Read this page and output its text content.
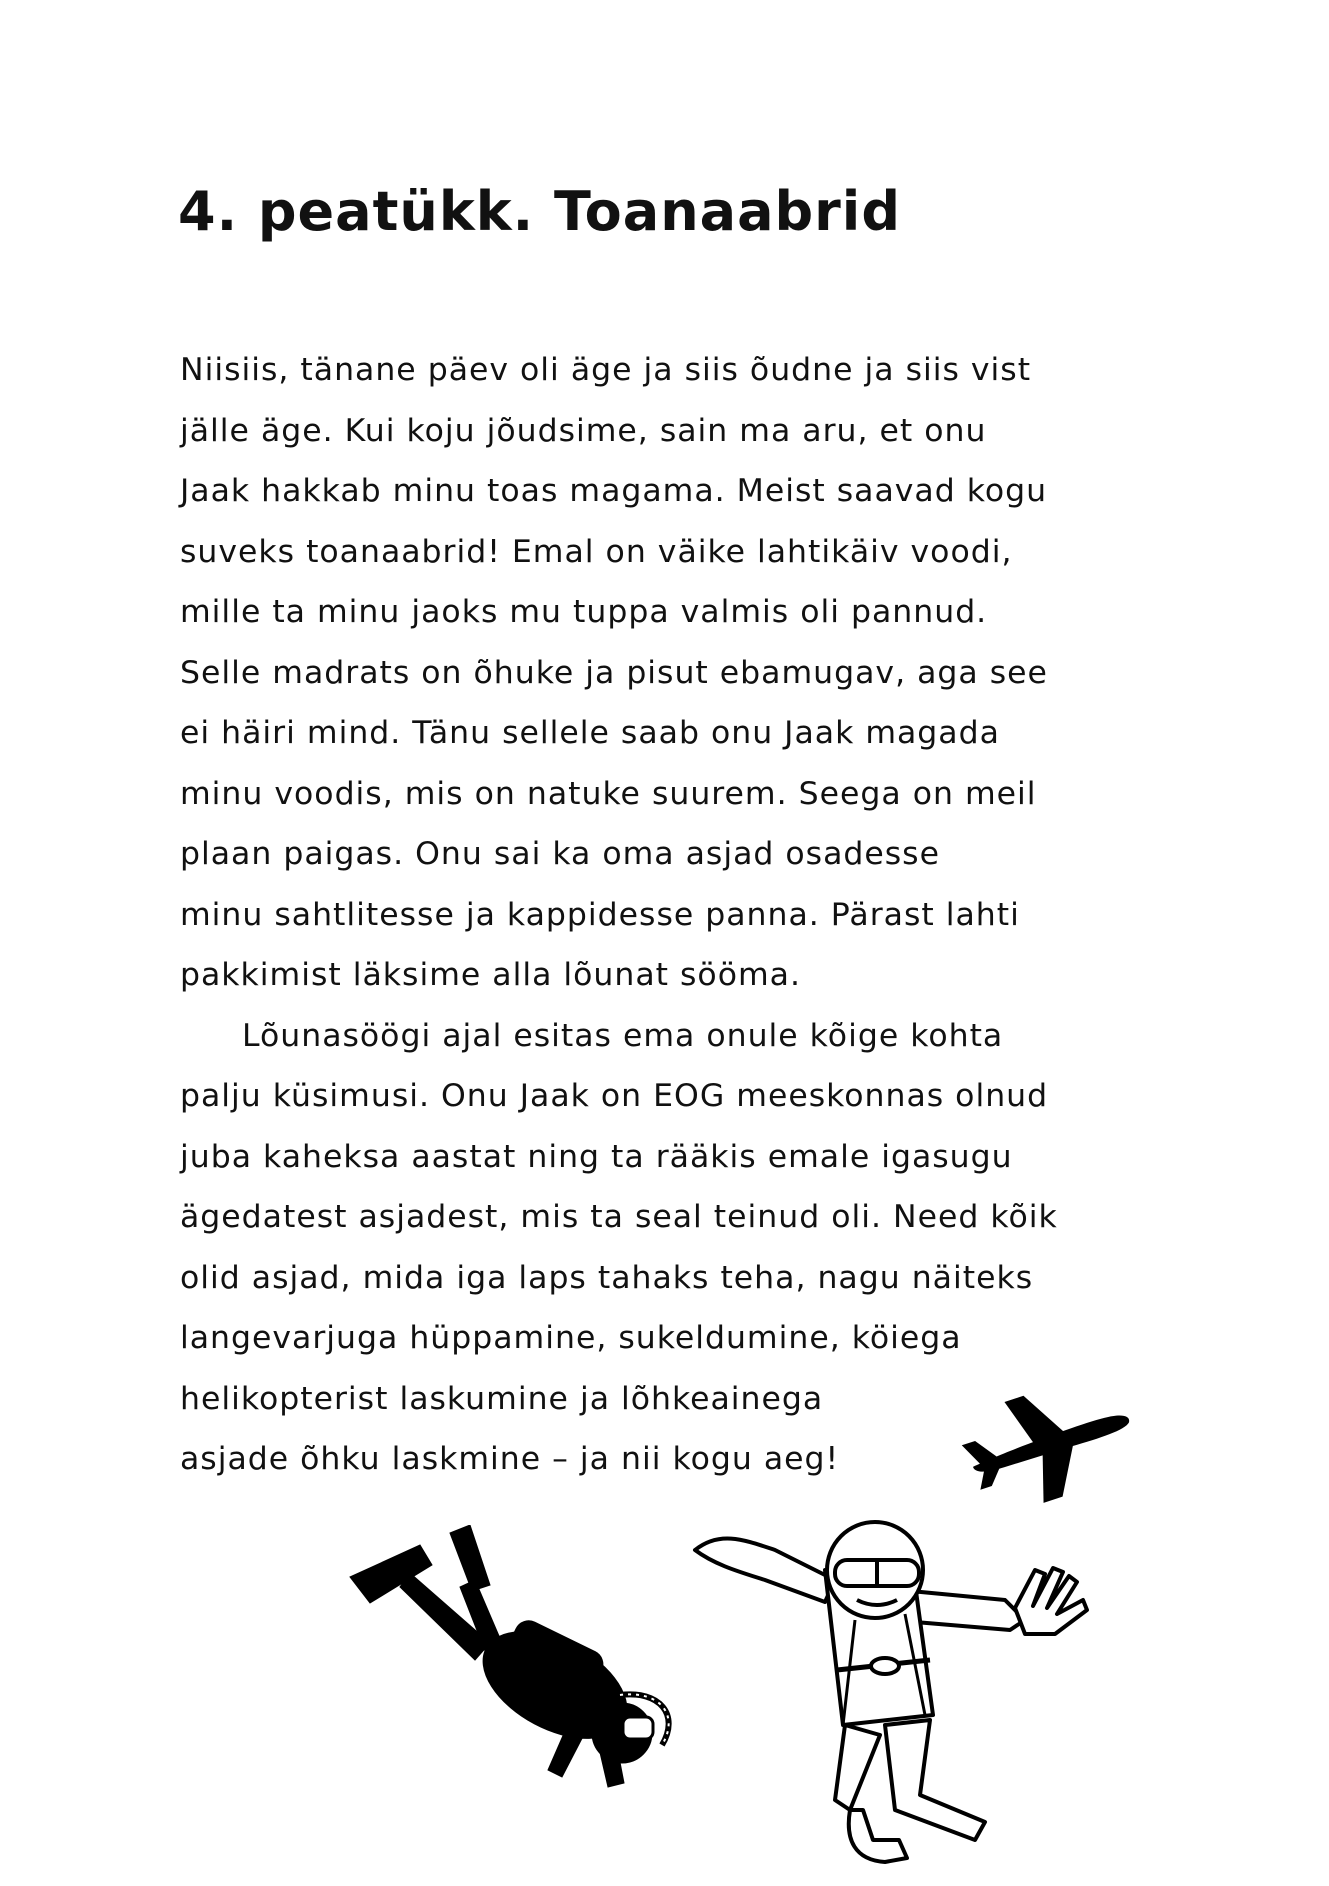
4. peatükk. Toanaabrid
Niisiis, tänane päev oli äge ja siis õudne ja siis vist
jälle äge. Kui koju jõudsime, sain ma aru, et onu
Jaak hakkab minu toas magama. Meist saavad kogu
suveks toanaabrid! Emal on väike lahtikäiv voodi,
mille ta minu jaoks mu tuppa valmis oli pannud.
Selle madrats on õhuke ja pisut ebamugav, aga see
ei häiri mind. Tänu sellele saab onu Jaak magada
minu voodis, mis on natuke suurem. Seega on meil
plaan paigas. Onu sai ka oma asjad osadesse
minu sahtlitesse ja kappidesse panna. Pärast lahti
pakkimist läksime alla lõunat sööma.
Lõunasöögi ajal esitas ema onule kõige kohta
palju küsimusi. Onu Jaak on EOG meeskonnas olnud
juba kaheksa aastat ning ta rääkis emale igasugu
ägedatest asjadest, mis ta seal teinud oli. Need kõik
olid asjad, mida iga laps tahaks teha, nagu näiteks
langevarjuga hüppamine, sukeldumine, köiega
helikopterist laskumine ja lõhkeainega
asjade õhku laskmine – ja nii kogu aeg!
